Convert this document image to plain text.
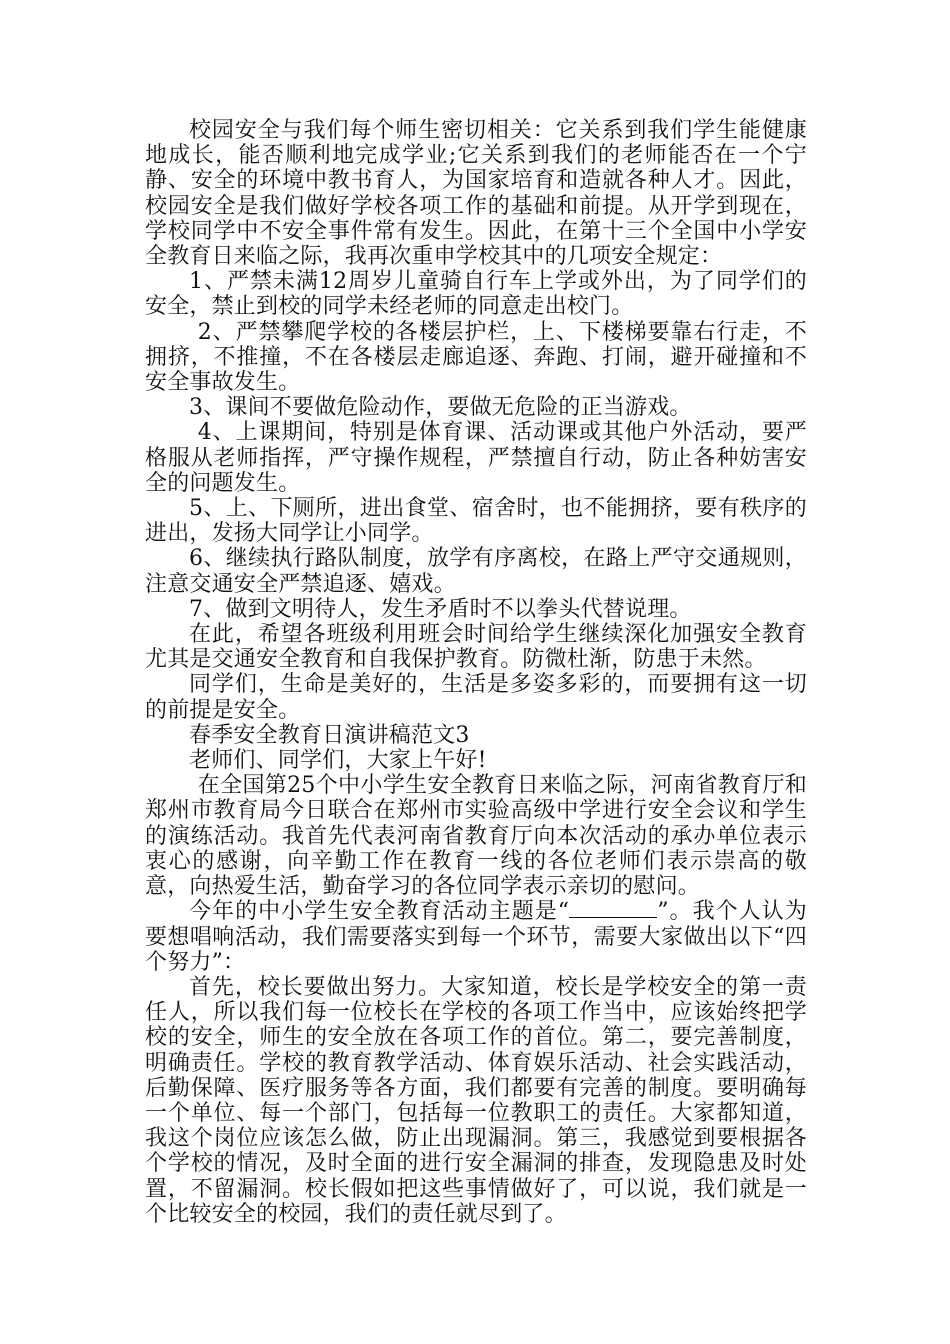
校园安全与我们每个师生密切相关：它关系到我们学生能健康地成长，能否顺利地完成学业;它关系到我们的老师能否在一个宁静、安全的环境中教书育人，为国家培育和造就各种人才。因此，校园安全是我们做好学校各项工作的基础和前提。从开学到现在，学校同学中不安全事件常有发生。因此，在第十三个全国中小学安全教育日来临之际，我再次重申学校其中的几项安全规定：

1、严禁未满12周岁儿童骑自行车上学或外出，为了同学们的安全，禁止到校的同学未经老师的同意走出校门。

2、严禁攀爬学校的各楼层护栏，上、下楼梯要靠右行走，不拥挤，不推撞，不在各楼层走廊追逐、奔跑、打闹，避开碰撞和不安全事故发生。

3、课间不要做危险动作，要做无危险的正当游戏。

4、上课期间，特别是体育课、活动课或其他户外活动，要严格服从老师指挥，严守操作规程，严禁擅自行动，防止各种妨害安全的问题发生。

5、上、下厕所，进出食堂、宿舍时，也不能拥挤，要有秩序的进出，发扬大同学让小同学。

6、继续执行路队制度，放学有序离校，在路上严守交通规则，注意交通安全严禁追逐、嬉戏。

7、做到文明待人，发生矛盾时不以拳头代替说理。

在此，希望各班级利用班会时间给学生继续深化加强安全教育尤其是交通安全教育和自我保护教育。防微杜渐，防患于未然。

同学们，生命是美好的，生活是多姿多彩的，而要拥有这一切的前提是安全。

春季安全教育日演讲稿范文3

老师们、同学们，大家上午好!

在全国第25个中小学生安全教育日来临之际，河南省教育厅和郑州市教育局今日联合在郑州市实验高级中学进行安全会议和学生的演练活动。我首先代表河南省教育厅向本次活动的承办单位表示衷心的感谢，向辛勤工作在教育一线的各位老师们表示崇高的敬意，向热爱生活，勤奋学习的各位同学表示亲切的慰问。

今年的中小学生安全教育活动主题是“	”。我个人认为要想唱响活动，我们需要落实到每一个环节，需要大家做出以下“四个努力”：

首先，校长要做出努力。大家知道，校长是学校安全的第一责任人，所以我们每一位校长在学校的各项工作当中，应该始终把学校的安全，师生的安全放在各项工作的首位。第二，要完善制度，明确责任。学校的教育教学活动、体育娱乐活动、社会实践活动，后勤保障、医疗服务等各方面，我们都要有完善的制度。要明确每一个单位、每一个部门，包括每一位教职工的责任。大家都知道，我这个岗位应该怎么做，防止出现漏洞。第三，我感觉到要根据各个学校的情况，及时全面的进行安全漏洞的排查，发现隐患及时处置，不留漏洞。校长假如把这些事情做好了，可以说，我们就是一个比较安全的校园，我们的责任就尽到了。
